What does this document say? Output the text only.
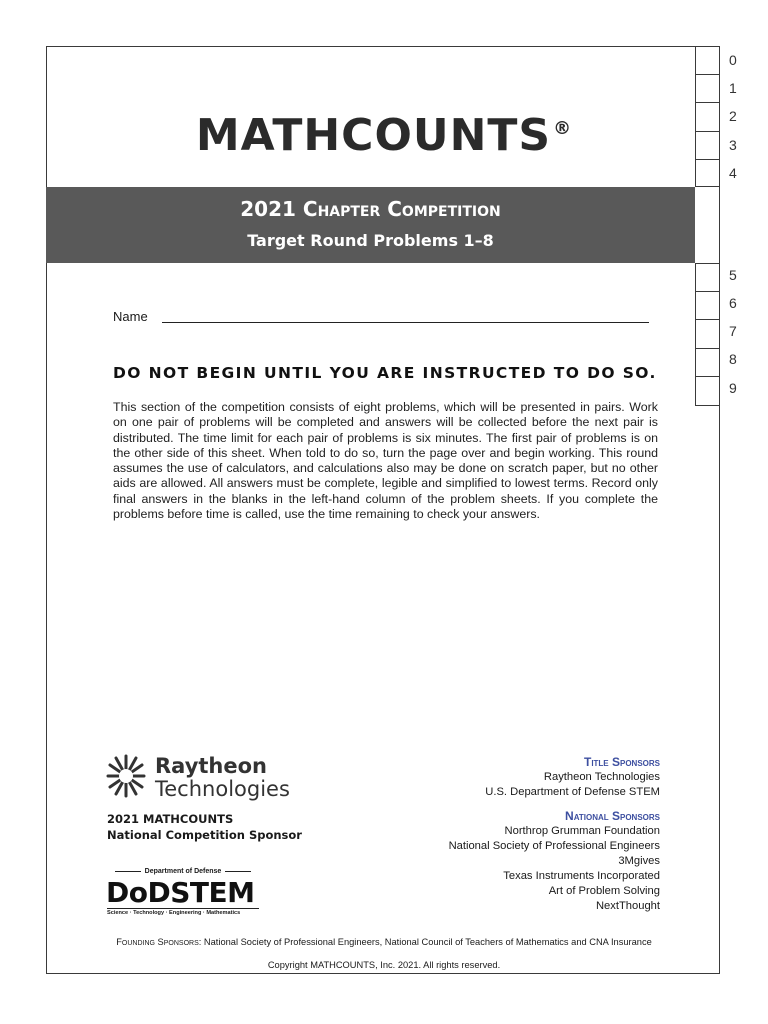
MATHCOUNTS ®
2021 Chapter Competition
Target Round Problems 1–8
0
1
2
3
4
5
6
7
8
9
Name
DO NOT BEGIN UNTIL YOU ARE INSTRUCTED TO DO SO.
This section of the competition consists of eight problems, which will be presented in pairs. Work on one pair of problems will be completed and answers will be collected before the next pair is distributed. The time limit for each pair of problems is six minutes. The first pair of problems is on the other side of this sheet. When told to do so, turn the page over and begin working. This round assumes the use of calculators, and calculations also may be done on scratch paper, but no other aids are allowed. All answers must be complete, legible and simplified to lowest terms. Record only final answers in the blanks in the left-hand column of the problem sheets. If you complete the problems before time is called, use the time remaining to check your answers.
Raytheon
Technologies
2021 MATHCOUNTS
National Competition Sponsor
Department of Defense
DoDSTEM
Science · Technology · Engineering · Mathematics
Title Sponsors
Raytheon Technologies
U.S. Department of Defense STEM
National Sponsors
Northrop Grumman Foundation
National Society of Professional Engineers
3Mgives
Texas Instruments Incorporated
Art of Problem Solving
NextThought
Founding Sponsors: National Society of Professional Engineers, National Council of Teachers of Mathematics and CNA Insurance
Copyright MATHCOUNTS, Inc. 2021. All rights reserved.
